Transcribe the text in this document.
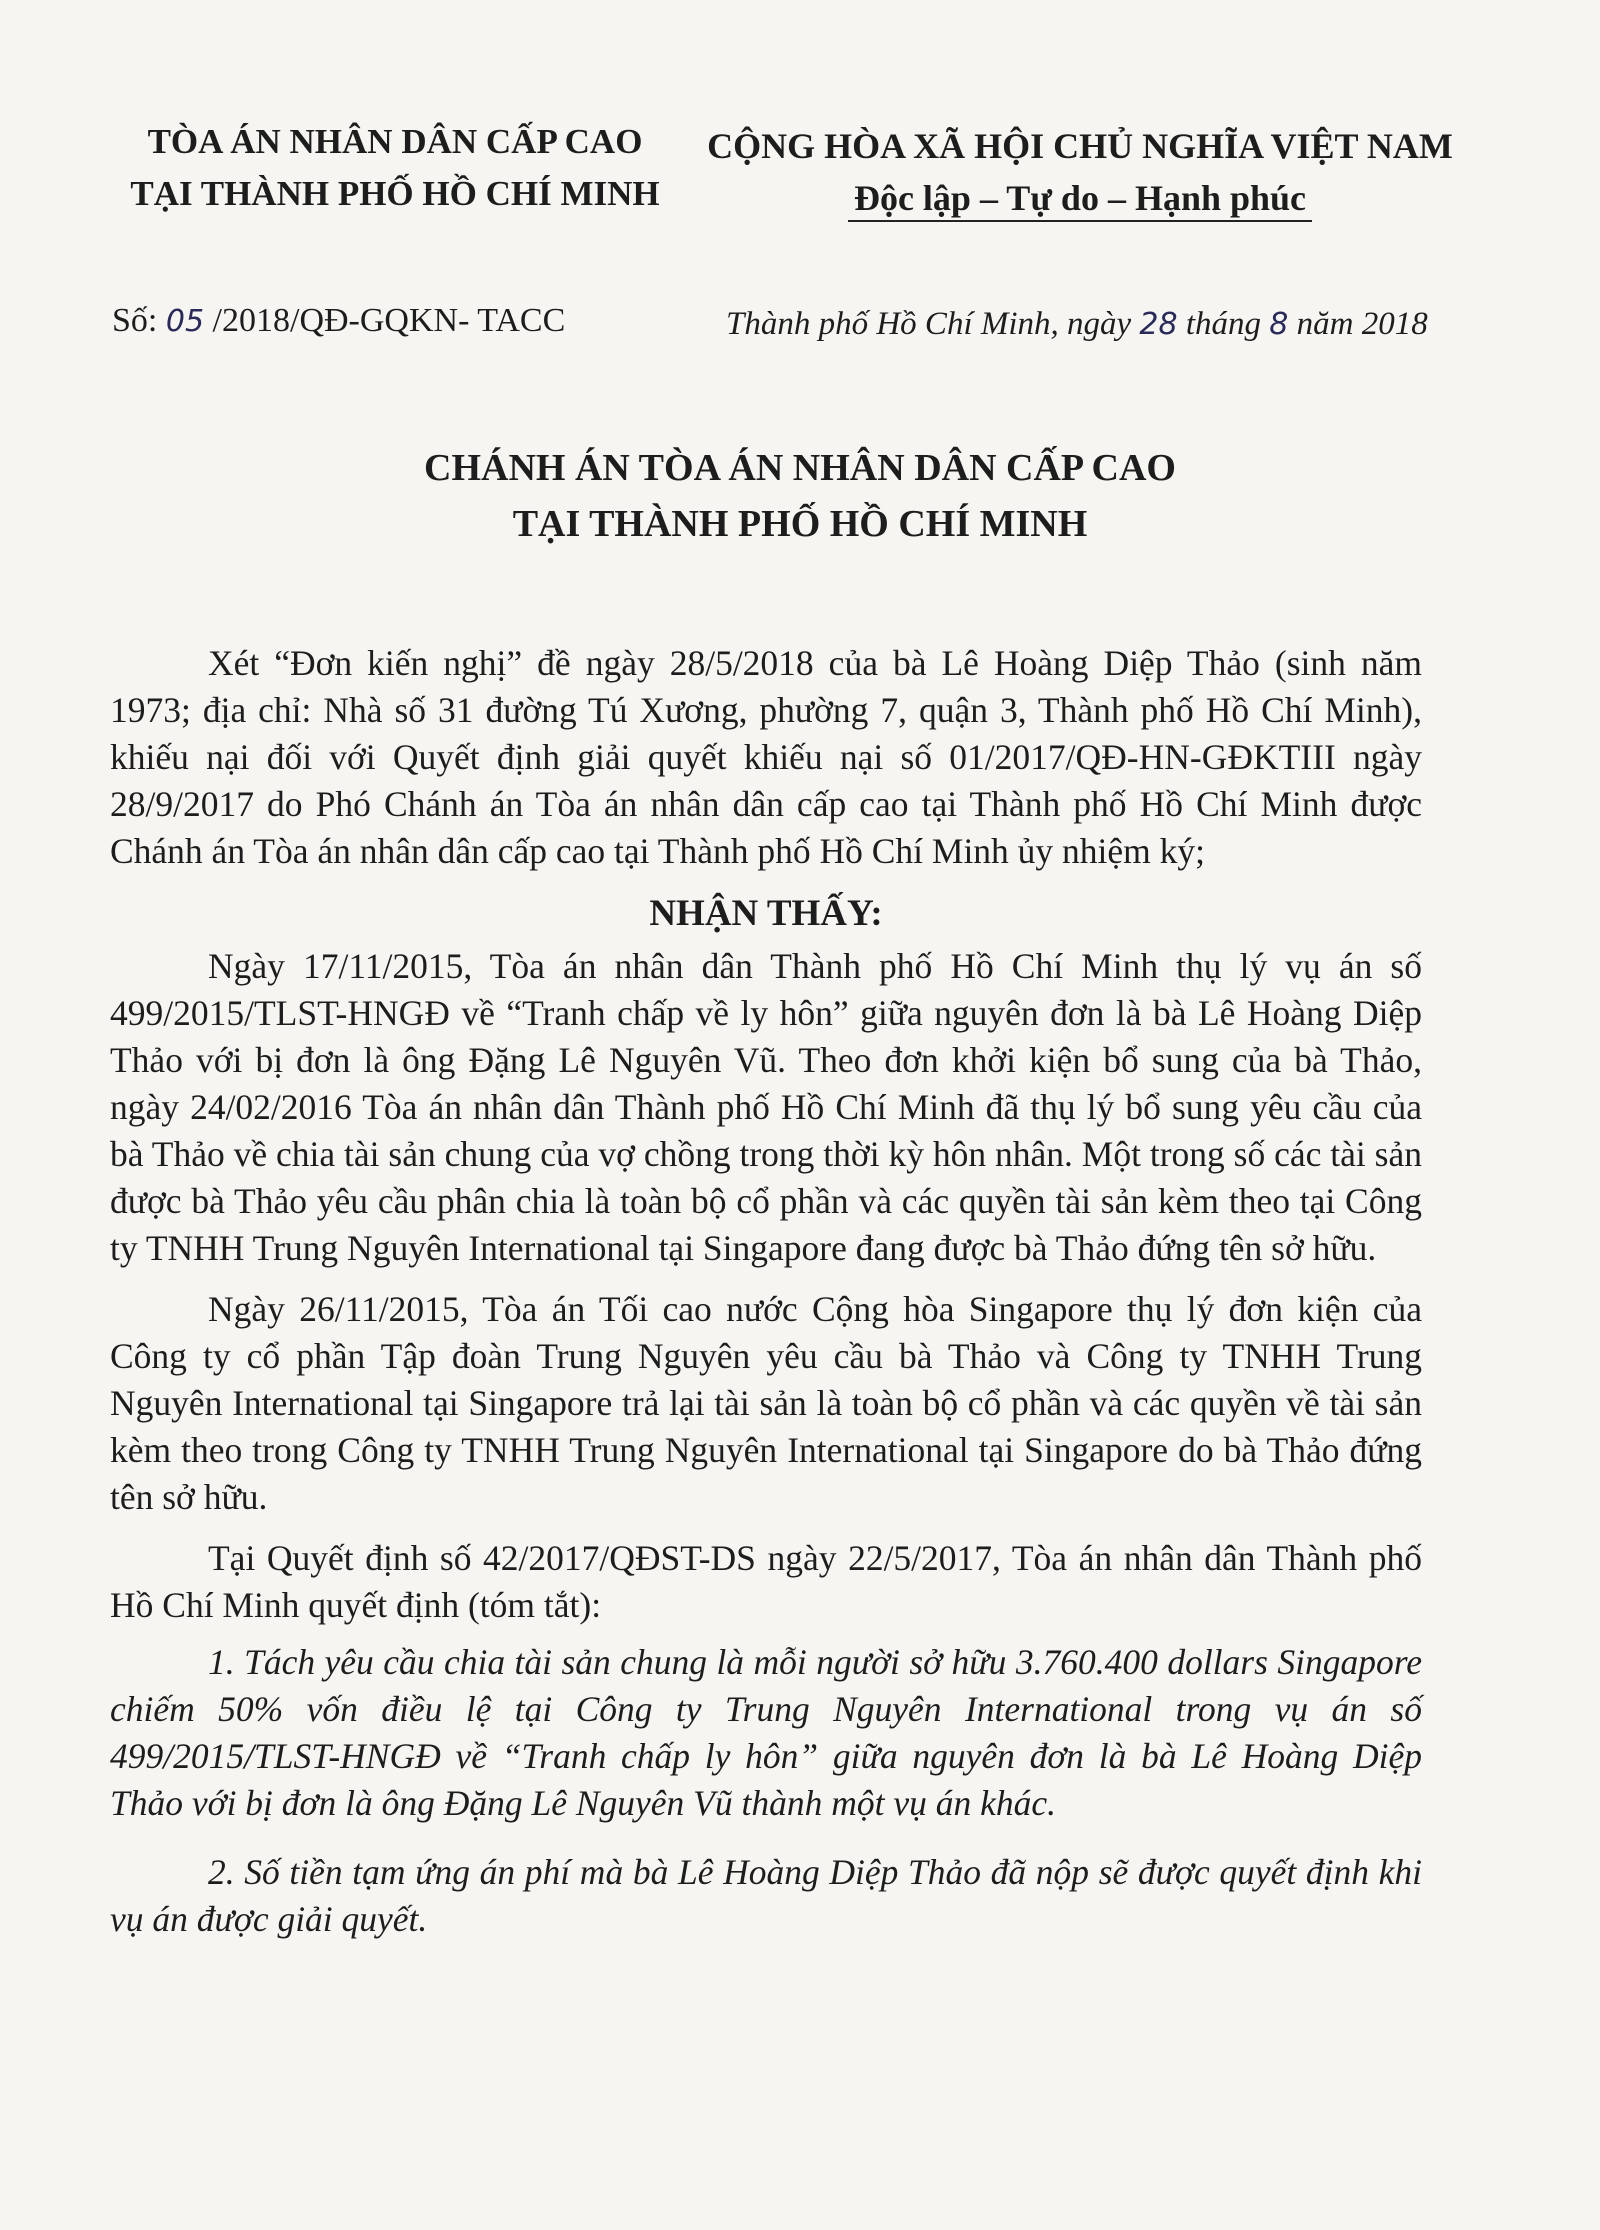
TÒA ÁN NHÂN DÂN CẤP CAO
TẠI THÀNH PHỐ HỒ CHÍ MINH
CỘNG HÒA XÃ HỘI CHỦ NGHĨA VIỆT NAM
Độc lập – Tự do – Hạnh phúc
Số: 05 /2018/QĐ-GQKN- TACC	Thành phố Hồ Chí Minh, ngày 28 tháng 8 năm 2018
CHÁNH ÁN TÒA ÁN NHÂN DÂN CẤP CAO
TẠI THÀNH PHỐ HỒ CHÍ MINH

Xét “Đơn kiến nghị” đề ngày 28/5/2018 của bà Lê Hoàng Diệp Thảo (sinh năm 1973; địa chỉ: Nhà số 31 đường Tú Xương, phường 7, quận 3, Thành phố Hồ Chí Minh), khiếu nại đối với Quyết định giải quyết khiếu nại số 01/2017/QĐ-HN-GĐKTIII ngày 28/9/2017 do Phó Chánh án Tòa án nhân dân cấp cao tại Thành phố Hồ Chí Minh được Chánh án Tòa án nhân dân cấp cao tại Thành phố Hồ Chí Minh ủy nhiệm ký;

NHẬN THẤY:

Ngày 17/11/2015, Tòa án nhân dân Thành phố Hồ Chí Minh thụ lý vụ án số 499/2015/TLST-HNGĐ về “Tranh chấp về ly hôn” giữa nguyên đơn là bà Lê Hoàng Diệp Thảo với bị đơn là ông Đặng Lê Nguyên Vũ. Theo đơn khởi kiện bổ sung của bà Thảo, ngày 24/02/2016 Tòa án nhân dân Thành phố Hồ Chí Minh đã thụ lý bổ sung yêu cầu của bà Thảo về chia tài sản chung của vợ chồng trong thời kỳ hôn nhân. Một trong số các tài sản được bà Thảo yêu cầu phân chia là toàn bộ cổ phần và các quyền tài sản kèm theo tại Công ty TNHH Trung Nguyên International tại Singapore đang được bà Thảo đứng tên sở hữu.

Ngày 26/11/2015, Tòa án Tối cao nước Cộng hòa Singapore thụ lý đơn kiện của Công ty cổ phần Tập đoàn Trung Nguyên yêu cầu bà Thảo và Công ty TNHH Trung Nguyên International tại Singapore trả lại tài sản là toàn bộ cổ phần và các quyền về tài sản kèm theo trong Công ty TNHH Trung Nguyên International tại Singapore do bà Thảo đứng tên sở hữu.

Tại Quyết định số 42/2017/QĐST-DS ngày 22/5/2017, Tòa án nhân dân Thành phố Hồ Chí Minh quyết định (tóm tắt):

1. Tách yêu cầu chia tài sản chung là mỗi người sở hữu 3.760.400 dollars Singapore chiếm 50% vốn điều lệ tại Công ty Trung Nguyên International trong vụ án số 499/2015/TLST-HNGĐ về “Tranh chấp ly hôn” giữa nguyên đơn là bà Lê Hoàng Diệp Thảo với bị đơn là ông Đặng Lê Nguyên Vũ thành một vụ án khác.

2. Số tiền tạm ứng án phí mà bà Lê Hoàng Diệp Thảo đã nộp sẽ được quyết định khi vụ án được giải quyết.
